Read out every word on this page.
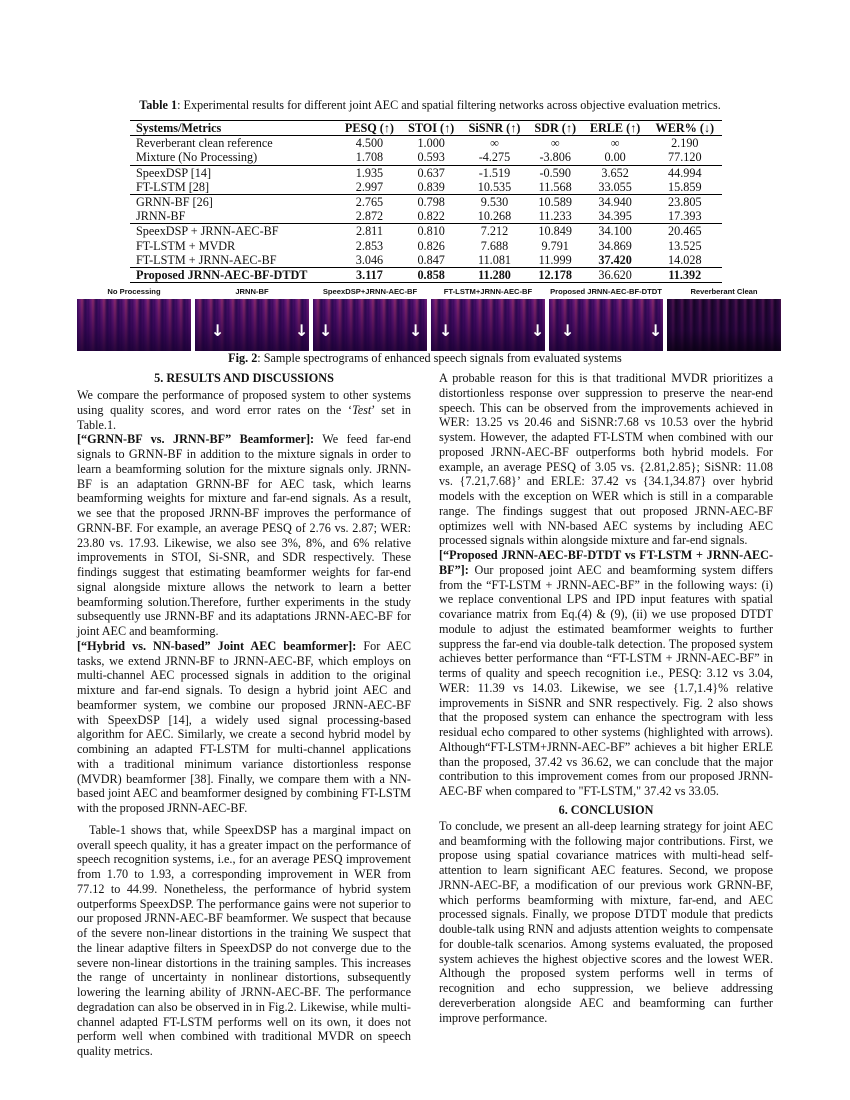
Table 1: Experimental results for different joint AEC and spatial filtering networks across objective evaluation metrics.
Systems/Metrics	PESQ (↑)	STOI (↑)	SiSNR (↑)	SDR (↑)	ERLE (↑)	WER% (↓)
Reverberant clean reference	4.500	1.000	∞	∞	∞	2.190
Mixture (No Processing)	1.708	0.593	-4.275	-3.806	0.00	77.120
SpeexDSP [14]	1.935	0.637	-1.519	-0.590	3.652	44.994
FT-LSTM [28]	2.997	0.839	10.535	11.568	33.055	15.859
GRNN-BF [26]	2.765	0.798	9.530	10.589	34.940	23.805
JRNN-BF	2.872	0.822	10.268	11.233	34.395	17.393
SpeexDSP + JRNN-AEC-BF	2.811	0.810	7.212	10.849	34.100	20.465
FT-LSTM + MVDR	2.853	0.826	7.688	9.791	34.869	13.525
FT-LSTM + JRNN-AEC-BF	3.046	0.847	11.081	11.999	37.420	14.028
Proposed JRNN-AEC-BF-DTDT	3.117	0.858	11.280	12.178	36.620	11.392
No Processing	JRNN-BF
↓	↓
SpeexDSP+JRNN-AEC-BF
↓	↓
FT-LSTM+JRNN-AEC-BF
↓	↓
Proposed JRNN-AEC-BF-DTDT
↓	↓
Reverberant Clean
Fig. 2: Sample spectrograms of enhanced speech signals from evaluated systems
5. RESULTS AND DISCUSSIONS

We compare the performance of proposed system to other systems using quality scores, and word error rates on the ‘Test’ set in Table.1.

[“GRNN-BF vs. JRNN-BF” Beamformer]: We feed far-end signals to GRNN-BF in addition to the mixture signals in order to learn a beamforming solution for the mixture signals only. JRNN-BF is an adaptation GRNN-BF for AEC task, which learns beamforming weights for mixture and far-end signals. As a result, we see that the proposed JRNN-BF improves the performance of GRNN-BF. For example, an average PESQ of 2.76 vs. 2.87; WER: 23.80 vs. 17.93. Likewise, we also see 3%, 8%, and 6% relative improvements in STOI, Si-SNR, and SDR respectively. These findings suggest that estimating beamformer weights for far-end signal alongside mixture allows the network to learn a better beamforming solution.Therefore, further experiments in the study subsequently use JRNN-BF and its adaptations JRNN-AEC-BF for joint AEC and beamforming.

[“Hybrid vs. NN-based” Joint AEC beamformer]: For AEC tasks, we extend JRNN-BF to JRNN-AEC-BF, which employs on multi-channel AEC processed signals in addition to the original mixture and far-end signals. To design a hybrid joint AEC and beamformer system, we combine our proposed JRNN-AEC-BF with SpeexDSP [14], a widely used signal processing-based algorithm for AEC. Similarly, we create a second hybrid model by combining an adapted FT-LSTM for multi-channel applications with a traditional minimum variance distortionless response (MVDR) beamformer [38]. Finally, we compare them with a NN-based joint AEC and beamformer designed by combining FT-LSTM with the proposed JRNN-AEC-BF.

Table-1 shows that, while SpeexDSP has a marginal impact on overall speech quality, it has a greater impact on the performance of speech recognition systems, i.e., for an average PESQ improvement from 1.70 to 1.93, a corresponding improvement in WER from 77.12 to 44.99. Nonetheless, the performance of hybrid system outperforms SpeexDSP. The performance gains were not superior to our proposed JRNN-AEC-BF beamformer. We suspect that because of the severe non-linear distortions in the training We suspect that the linear adaptive filters in SpeexDSP do not converge due to the severe non-linear distortions in the training samples. This increases the range of uncertainty in nonlinear distortions, subsequently lowering the learning ability of JRNN-AEC-BF. The performance degradation can also be observed in in Fig.2. Likewise, while multi-channel adapted FT-LSTM performs well on its own, it does not perform well when combined with traditional MVDR on speech quality metrics.

A probable reason for this is that traditional MVDR prioritizes a distortionless response over suppression to preserve the near-end speech. This can be observed from the improvements achieved in WER: 13.25 vs 20.46 and SiSNR:7.68 vs 10.53 over the hybrid system. However, the adapted FT-LSTM when combined with our proposed JRNN-AEC-BF outperforms both hybrid models. For example, an average PESQ of 3.05 vs. {2.81,2.85}; SiSNR: 11.08 vs. {7.21,7.68}’ and ERLE: 37.42 vs {34.1,34.87} over hybrid models with the exception on WER which is still in a comparable range. The findings suggest that out proposed JRNN-AEC-BF optimizes well with NN-based AEC systems by including AEC processed signals within alongside mixture and far-end signals.

[“Proposed JRNN-AEC-BF-DTDT vs FT-LSTM + JRNN-AEC-BF”]: Our proposed joint AEC and beamforming system differs from the “FT-LSTM + JRNN-AEC-BF” in the following ways: (i) we replace conventional LPS and IPD input features with spatial covariance matrix from Eq.(4) & (9), (ii) we use proposed DTDT module to adjust the estimated beamformer weights to further suppress the far-end via double-talk detection. The proposed system achieves better performance than “FT-LSTM + JRNN-AEC-BF” in terms of quality and speech recognition i.e., PESQ: 3.12 vs 3.04, WER: 11.39 vs 14.03. Likewise, we see {1.7,1.4}% relative improvements in SiSNR and SNR respectively. Fig. 2 also shows that the proposed system can enhance the spectrogram with less residual echo compared to other systems (highlighted with arrows). Although“FT-LSTM+JRNN-AEC-BF” achieves a bit higher ERLE than the proposed, 37.42 vs 36.62, we can conclude that the major contribution to this improvement comes from our proposed JRNN-AEC-BF when compared to "FT-LSTM," 37.42 vs 33.05.

6. CONCLUSION

To conclude, we present an all-deep learning strategy for joint AEC and beamforming with the following major contributions. First, we propose using spatial covariance matrices with multi-head self-attention to learn significant AEC features. Second, we propose JRNN-AEC-BF, a modification of our previous work GRNN-BF, which performs beamforming with mixture, far-end, and AEC processed signals. Finally, we propose DTDT module that predicts double-talk using RNN and adjusts attention weights to compensate for double-talk scenarios. Among systems evaluated, the proposed system achieves the highest objective scores and the lowest WER. Although the proposed system performs well in terms of recognition and echo suppression, we believe addressing dereverberation alongside AEC and beamforming can further improve performance.
